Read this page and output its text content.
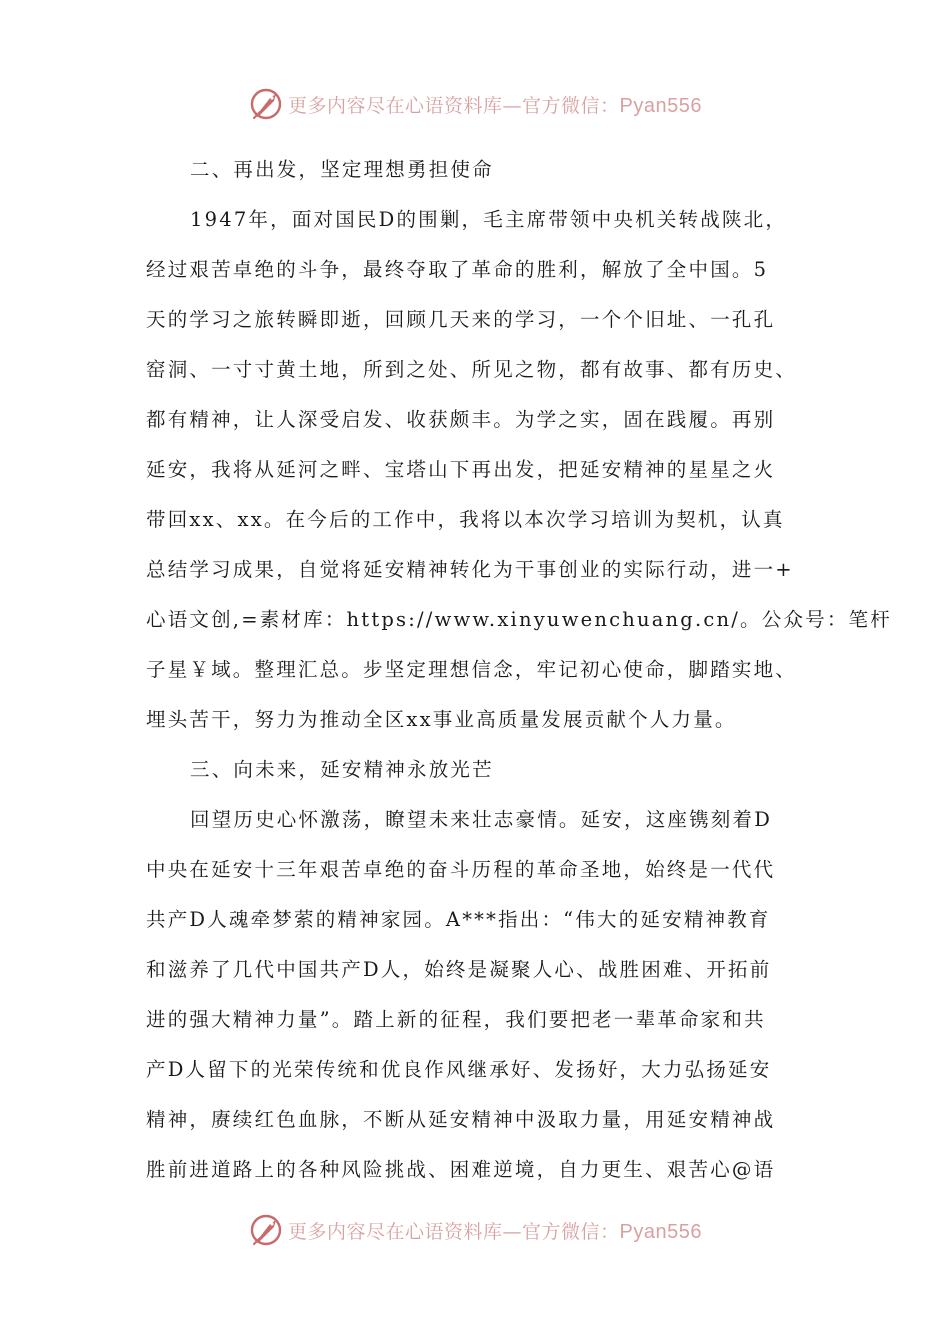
更多内容尽在心语资料库—官方微信：Pyan556
二、再出发，坚定理想勇担使命
1947年，面对国民D的围剿，毛主席带领中央机关转战陕北，
经过艰苦卓绝的斗争，最终夺取了革命的胜利，解放了全中国。5
天的学习之旅转瞬即逝，回顾几天来的学习，一个个旧址、一孔孔
窑洞、一寸寸黄土地，所到之处、所见之物，都有故事、都有历史、
都有精神，让人深受启发、收获颇丰。为学之实，固在践履。再别
延安，我将从延河之畔、宝塔山下再出发，把延安精神的星星之火
带回xx、xx。在今后的工作中，我将以本次学习培训为契机，认真
总结学习成果，自觉将延安精神转化为干事创业的实际行动，进一+
心语文创,=素材库：https://www.xinyuwenchuang.cn/。公众号：笔杆
子星￥域。整理汇总。步坚定理想信念，牢记初心使命，脚踏实地、
埋头苦干，努力为推动全区xx事业高质量发展贡献个人力量。
三、向未来，延安精神永放光芒
回望历史心怀激荡，瞭望未来壮志豪情。延安，这座镌刻着D
中央在延安十三年艰苦卓绝的奋斗历程的革命圣地，始终是一代代
共产D人魂牵梦萦的精神家园。A***指出：“伟大的延安精神教育
和滋养了几代中国共产D人，始终是凝聚人心、战胜困难、开拓前
进的强大精神力量”。踏上新的征程，我们要把老一辈革命家和共
产D人留下的光荣传统和优良作风继承好、发扬好，大力弘扬延安
精神，赓续红色血脉，不断从延安精神中汲取力量，用延安精神战
胜前进道路上的各种风险挑战、困难逆境，自力更生、艰苦心@语
更多内容尽在心语资料库—官方微信：Pyan556
